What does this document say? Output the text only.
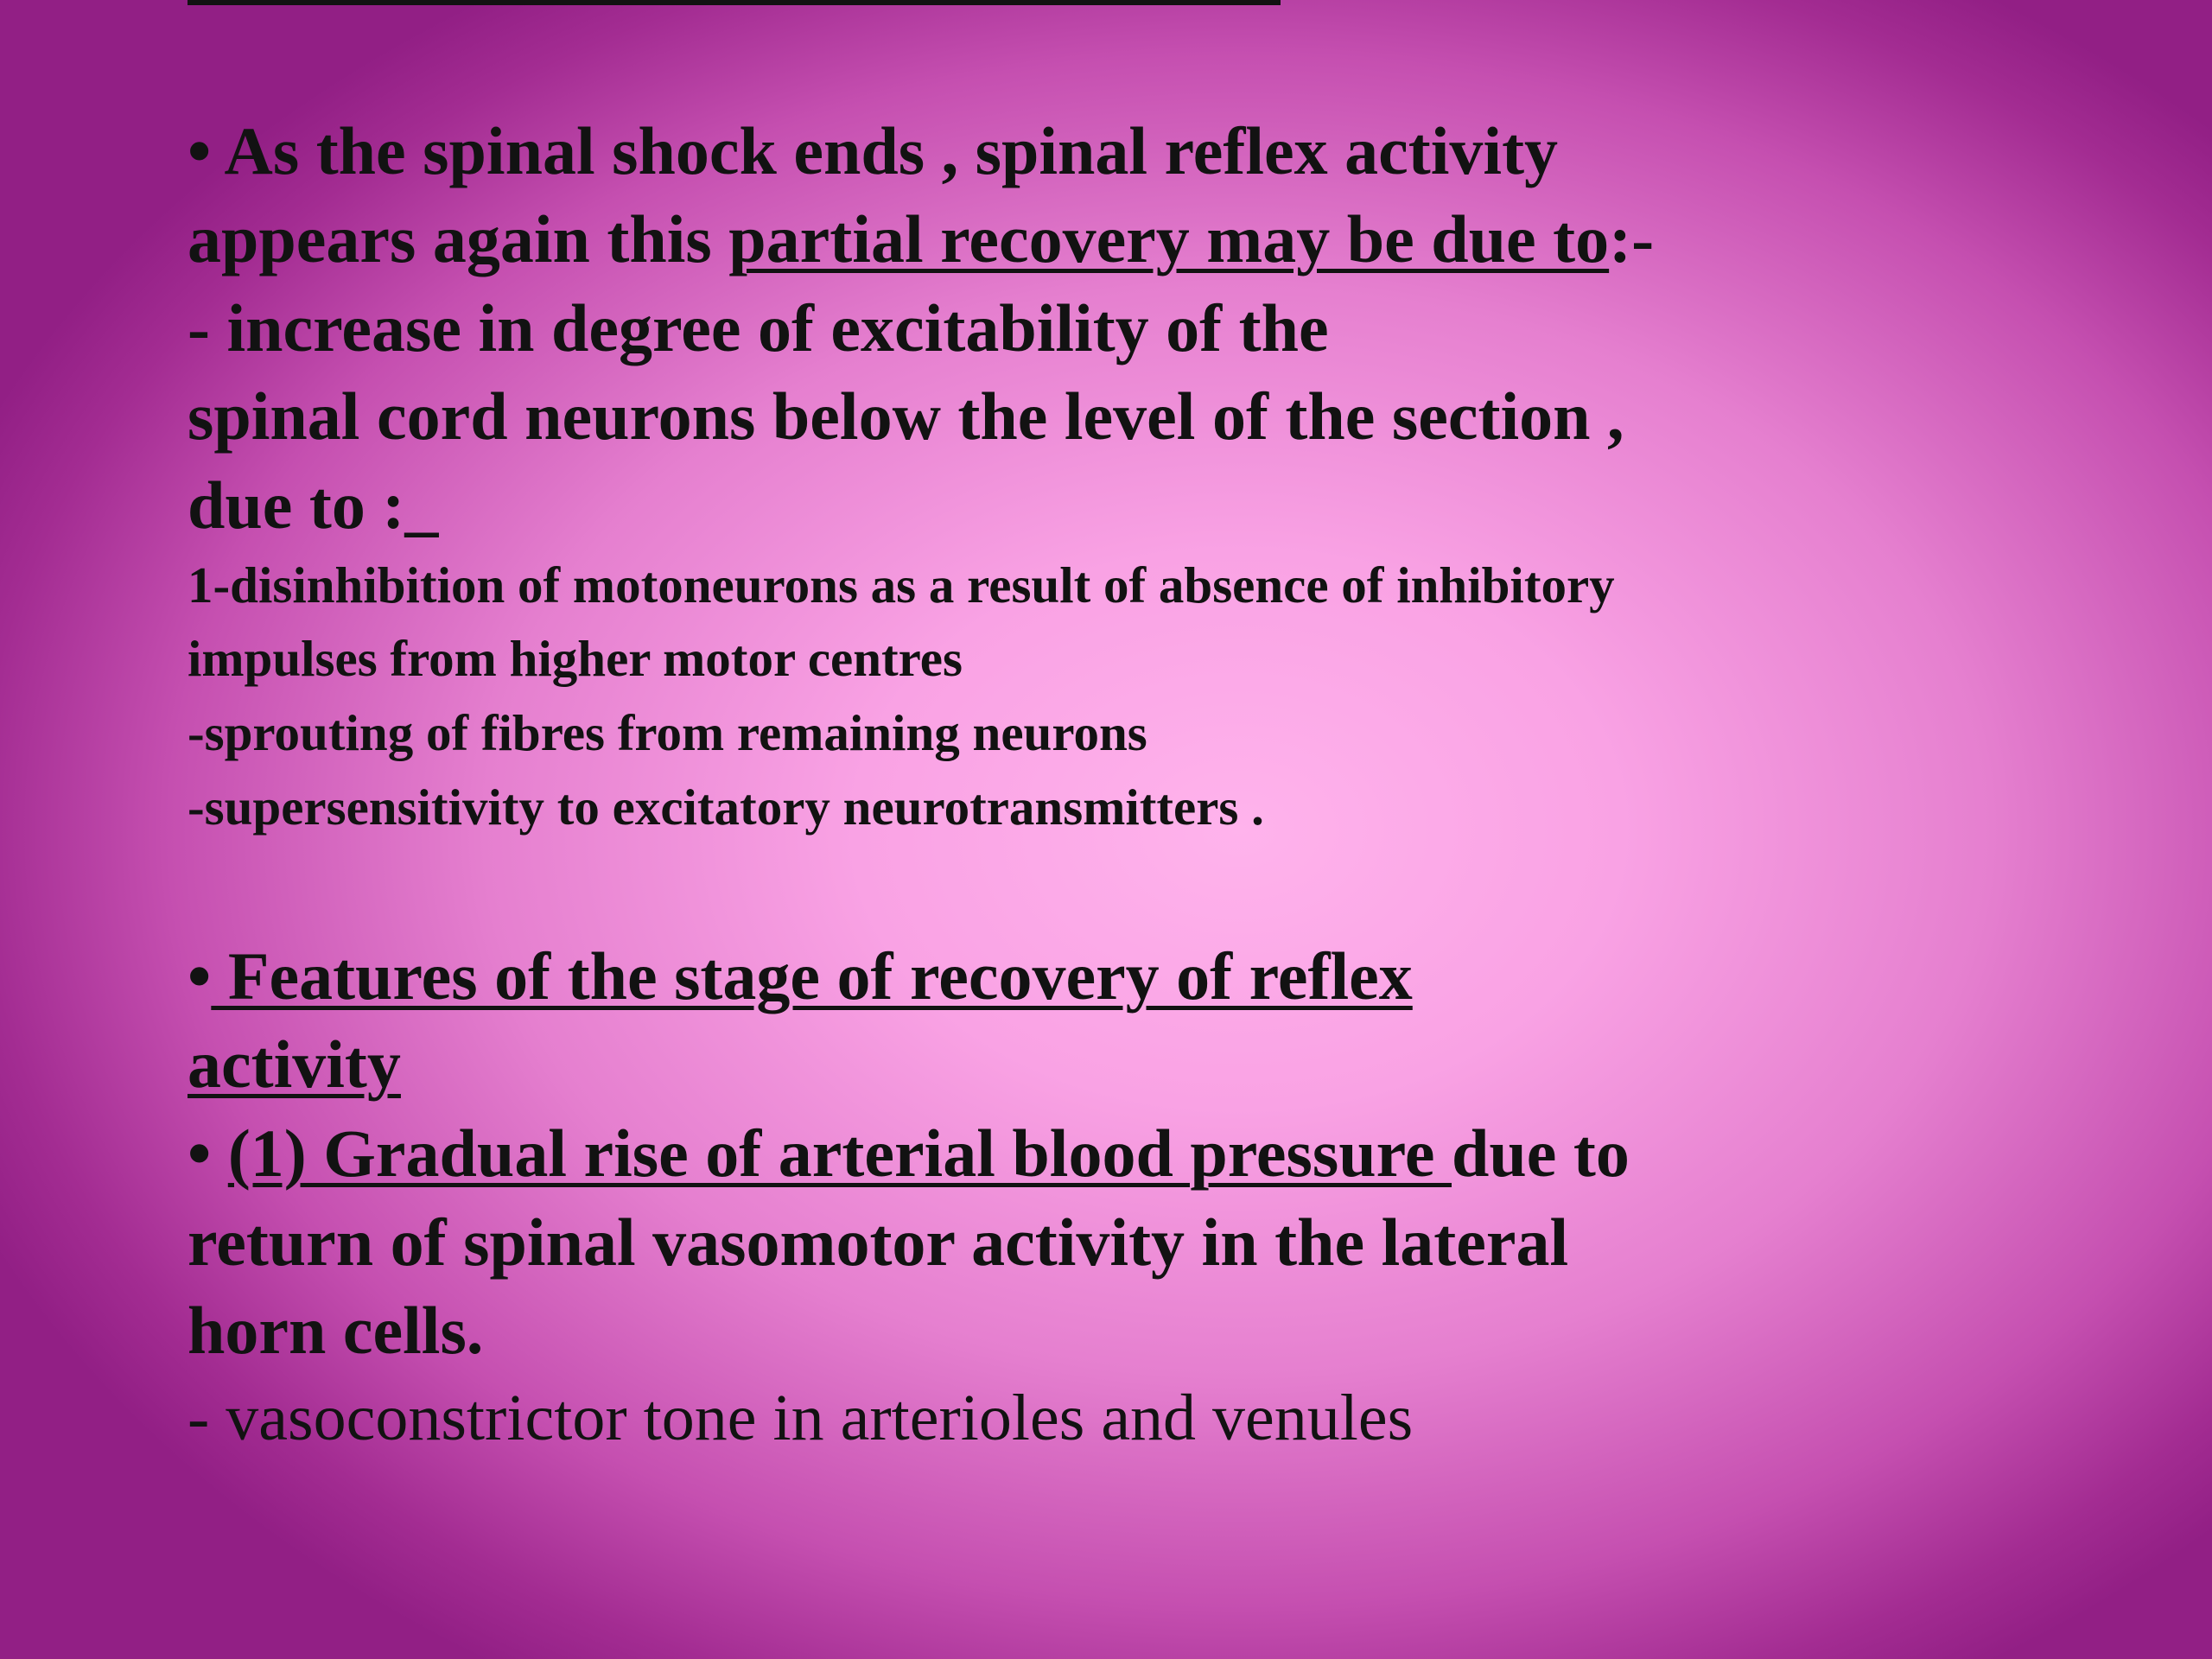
• As the spinal shock ends , spinal reflex activity
appears again this partial recovery may be due to:-
- increase in degree of excitability of the
spinal cord neurons below the level of the section ,
due to :_
1-disinhibition of motoneurons as a result of absence of inhibitory
impulses from higher motor centres
-sprouting of fibres from remaining neurons
-supersensitivity to excitatory neurotransmitters .
• Features of the stage of recovery of reflex
activity
• (1) Gradual rise of arterial blood pressure due to
return of spinal vasomotor activity in the lateral
horn cells.
- vasoconstrictor tone in arterioles and venules
